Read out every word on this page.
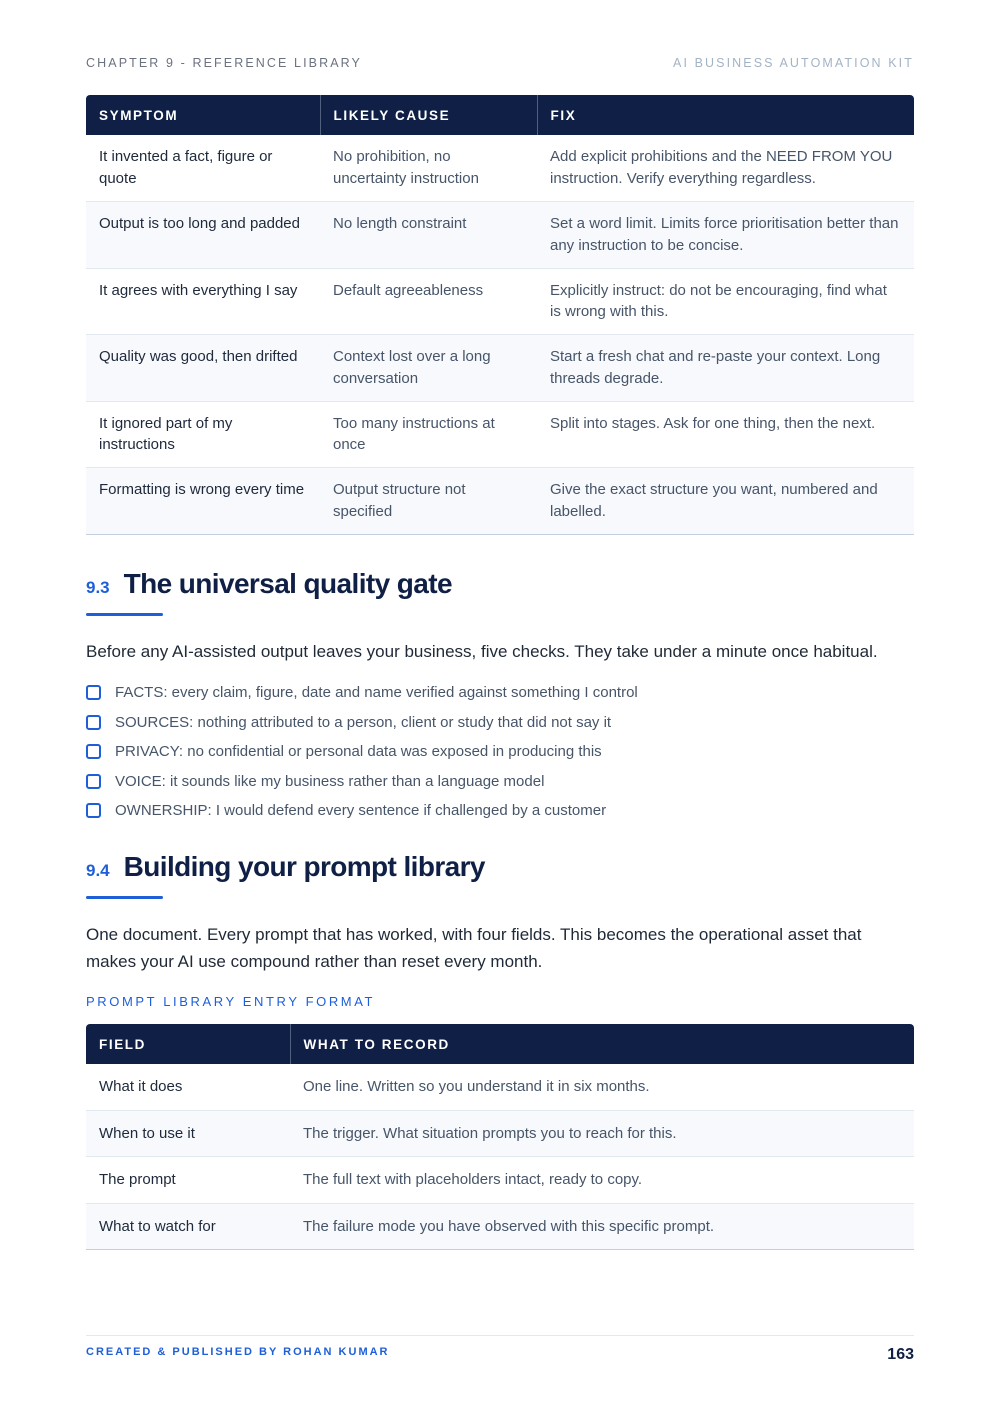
CHAPTER 9 - REFERENCE LIBRARY	AI BUSINESS AUTOMATION KIT
SYMPTOM	LIKELY CAUSE	FIX
It invented a fact, figure or quote	No prohibition, no uncertainty instruction	Add explicit prohibitions and the NEED FROM YOU instruction. Verify everything regardless.
Output is too long and padded	No length constraint	Set a word limit. Limits force prioritisation better than any instruction to be concise.
It agrees with everything I say	Default agreeableness	Explicitly instruct: do not be encouraging, find what is wrong with this.
Quality was good, then drifted	Context lost over a long conversation	Start a fresh chat and re-paste your context. Long threads degrade.
It ignored part of my instructions	Too many instructions at once	Split into stages. Ask for one thing, then the next.
Formatting is wrong every time	Output structure not specified	Give the exact structure you want, numbered and labelled.
9.3 The universal quality gate
Before any AI-assisted output leaves your business, five checks. They take under a minute once habitual.
FACTS: every claim, figure, date and name verified against something I control
SOURCES: nothing attributed to a person, client or study that did not say it
PRIVACY: no confidential or personal data was exposed in producing this
VOICE: it sounds like my business rather than a language model
OWNERSHIP: I would defend every sentence if challenged by a customer
9.4 Building your prompt library
One document. Every prompt that has worked, with four fields. This becomes the operational asset that makes your AI use compound rather than reset every month.
PROMPT LIBRARY ENTRY FORMAT
FIELD	WHAT TO RECORD
What it does	One line. Written so you understand it in six months.
When to use it	The trigger. What situation prompts you to reach for this.
The prompt	The full text with placeholders intact, ready to copy.
What to watch for	The failure mode you have observed with this specific prompt.
CREATED & PUBLISHED BY ROHAN KUMAR	163
